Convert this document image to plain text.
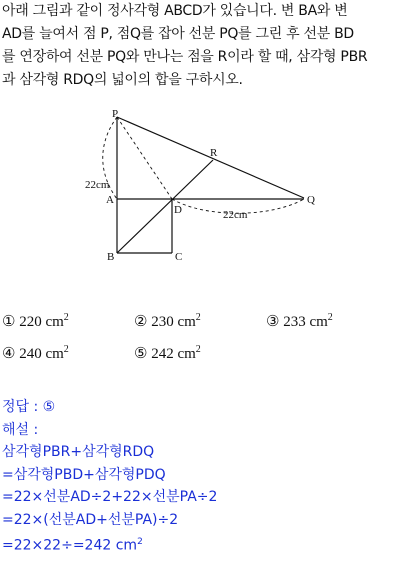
아래 그림과 같이 정사각형 ABCD가 있습니다. 변 BA와 변

AD를 늘여서 점 P, 점Q를 잡아 선분 PQ를 그린 후 선분 BD

를 연장하여 선분 PQ와 만나는 점을 R이라 할 때, 삼각형 PBR

과 삼각형 RDQ의 넓이의 합을 구하시오.

P
R
A
D
Q
B	C
22cm
22cm
① 220 $cm^2$	② 230 $cm^2$	③ 233 $cm^2$
④ 240 $cm^2$	⑤ 242 $cm^2$
정답 : ⑤
해설 :
삼각형PBR+삼각형RDQ
=삼각형PBD+삼각형PDQ
=22×선분AD÷2+22×선분PA÷2
=22×(선분AD+선분PA)÷2
=22×22÷=242 $cm^2$
